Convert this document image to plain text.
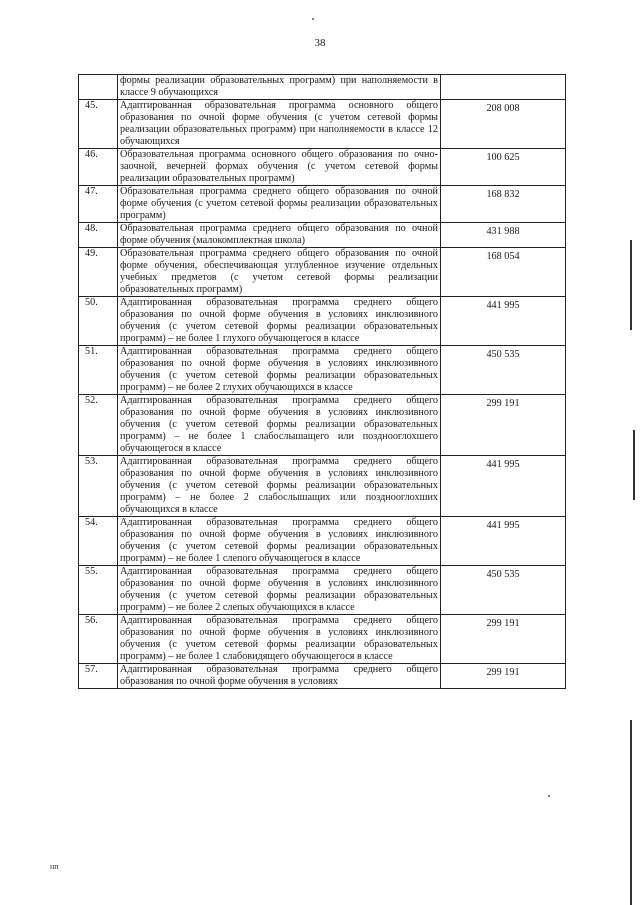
38
	формы реализации образовательных программ) при наполняемости в классе 9 обучающихся	
45.	Адаптированная образовательная программа основного общего образования по очной форме обучения (с учетом сетевой формы реализации образовательных программ) при наполняемости в классе 12 обучающихся	208 008
46.	Образовательная программа основного общего образования по очно-заочной, вечерней формах обучения (с учетом сетевой формы реализации образовательных программ)	100 625
47.	Образовательная программа среднего общего образования по очной форме обучения (с учетом сетевой формы реализации образовательных программ)	168 832
48.	Образовательная программа среднего общего образования по очной форме обучения (малокомплектная школа)	431 988
49.	Образовательная программа среднего общего образования по очной форме обучения, обеспечивающая углубленное изучение отдельных учебных предметов (с учетом сетевой формы реализации образовательных программ)	168 054
50.	Адаптированная образовательная программа среднего общего образования по очной форме обучения в условиях инклюзивного обучения (с учетом сетевой формы реализации образовательных программ) – не более 1 глухого обучающегося в классе	441 995
51.	Адаптированная образовательная программа среднего общего образования по очной форме обучения в условиях инклюзивного обучения (с учетом сетевой формы реализации образовательных программ) – не более 2 глухих обучающихся в классе	450 535
52.	Адаптированная образовательная программа среднего общего образования по очной форме обучения в условиях инклюзивного обучения (с учетом сетевой формы реализации образовательных программ) – не более 1 слабослышащего или позднооглохшего обучающегося в классе	299 191
53.	Адаптированная образовательная программа среднего общего образования по очной форме обучения в условиях инклюзивного обучения (с учетом сетевой формы реализации образовательных программ) – не более 2 слабослышащих или позднооглохших обучающихся в классе	441 995
54.	Адаптированная образовательная программа среднего общего образования по очной форме обучения в условиях инклюзивного обучения (с учетом сетевой формы реализации образовательных программ) – не более 1 слепого обучающегося в классе	441 995
55.	Адаптированная образовательная программа среднего общего образования по очной форме обучения в условиях инклюзивного обучения (с учетом сетевой формы реализации образовательных программ) – не более 2 слепых обучающихся в классе	450 535
56.	Адаптированная образовательная программа среднего общего образования по очной форме обучения в условиях инклюзивного обучения (с учетом сетевой формы реализации образовательных программ) – не более 1 слабовидящего обучающегося в классе	299 191
57.	Адаптированная образовательная программа среднего общего образования по очной форме обучения в условиях	299 191
нп
